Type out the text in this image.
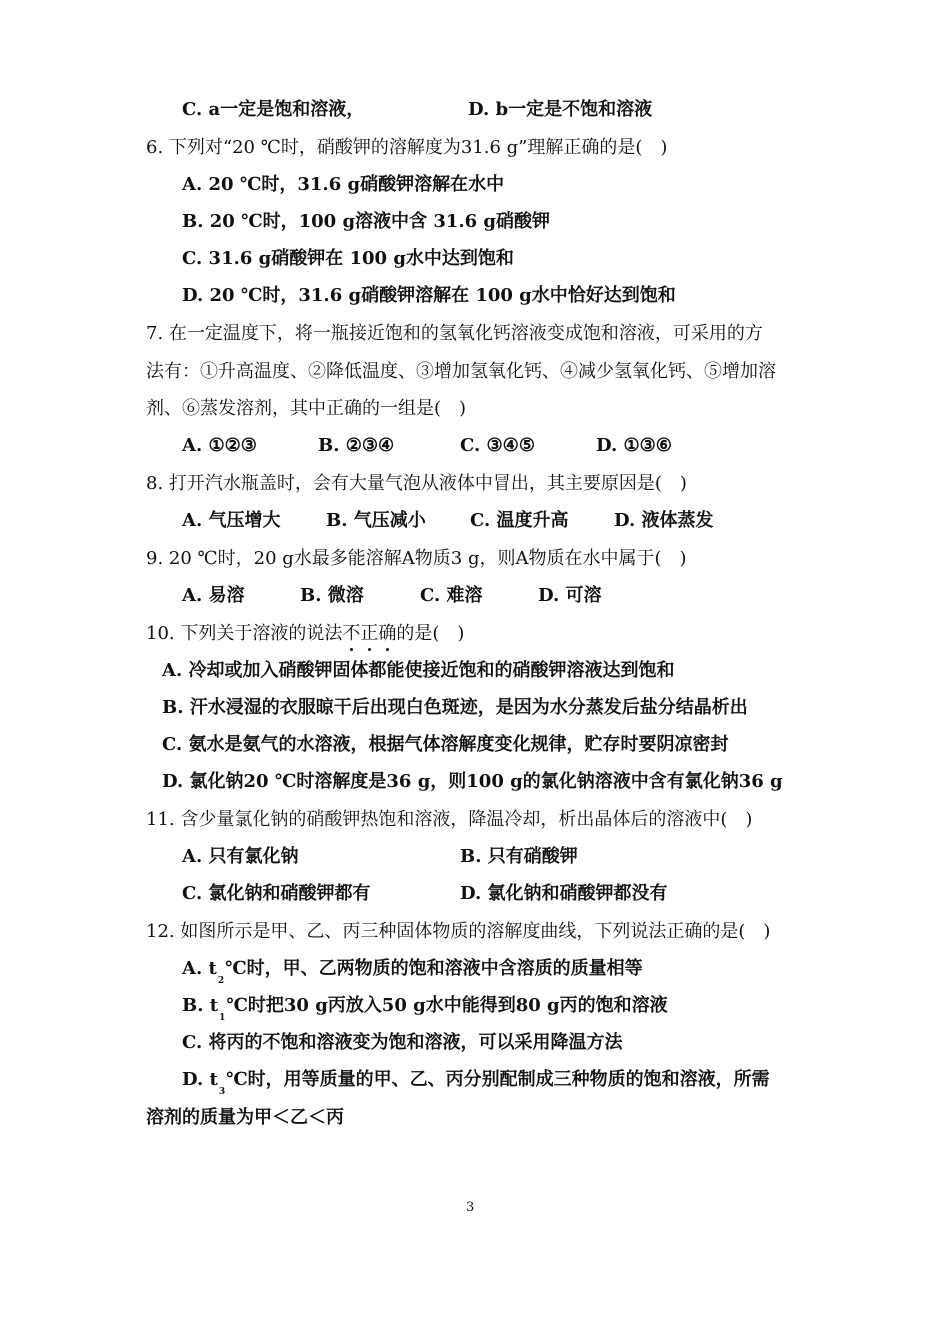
C. a一定是饱和溶液，	D. b一定是不饱和溶液
6. 下列对“20 ℃时，硝酸钾的溶解度为31.6 g”理解正确的是(　)
A. 20 ℃时，31.6 g硝酸钾溶解在水中
B. 20 ℃时，100 g溶液中含 31.6 g硝酸钾
C. 31.6 g硝酸钾在 100 g水中达到饱和
D. 20 ℃时，31.6 g硝酸钾溶解在 100 g水中恰好达到饱和
7. 在一定温度下，将一瓶接近饱和的氢氧化钙溶液变成饱和溶液，可采用的方
法有：①升高温度、②降低温度、③增加氢氧化钙、④减少氢氧化钙、⑤增加溶
剂、⑥蒸发溶剂，其中正确的一组是(　)
A. ①②③	B. ②③④	C. ③④⑤	D. ①③⑥
8. 打开汽水瓶盖时，会有大量气泡从液体中冒出，其主要原因是(　)
A. 气压增大	B. 气压减小 C. 温度升高	D. 液体蒸发
9. 20 ℃时，20 g水最多能溶解A物质3 g，则A物质在水中属于(　)
A. 易溶	B. 微溶	C. 难溶	D. 可溶
10. 下列关于溶液的说法不正确
的是(　)
A. 冷却或加入硝酸钾固体都能使接近饱和的硝酸钾溶液达到饱和
B. 汗水浸湿的衣服晾干后出现白色斑迹，是因为水分蒸发后盐分结晶析出
C. 氨水是氨气的水溶液，根据气体溶解度变化规律，贮存时要阴凉密封
D. 氯化钠20 ℃时溶解度是36 g，则100 g的氯化钠溶液中含有氯化钠36 g
11. 含少量氯化钠的硝酸钾热饱和溶液，降温冷却，析出晶体后的溶液中(　)
A. 只有氯化钠	B. 只有硝酸钾
C. 氯化钠和硝酸钾都有	D. 氯化钠和硝酸钾都没有
12. 如图所示是甲、乙、丙三种固体物质的溶解度曲线，下列说法正确的是(　)
A. $t_2℃$时，甲、乙两物质的饱和溶液中含溶质的质量相等
B. $t_1℃$时把30 g丙放入50 g水中能得到80 g丙的饱和溶液
C. 将丙的不饱和溶液变为饱和溶液，可以采用降温方法
D. $t_3℃$时，用等质量的甲、乙、丙分别配制成三种物质的饱和溶液，所需
溶剂的质量为甲＜乙＜丙
3
